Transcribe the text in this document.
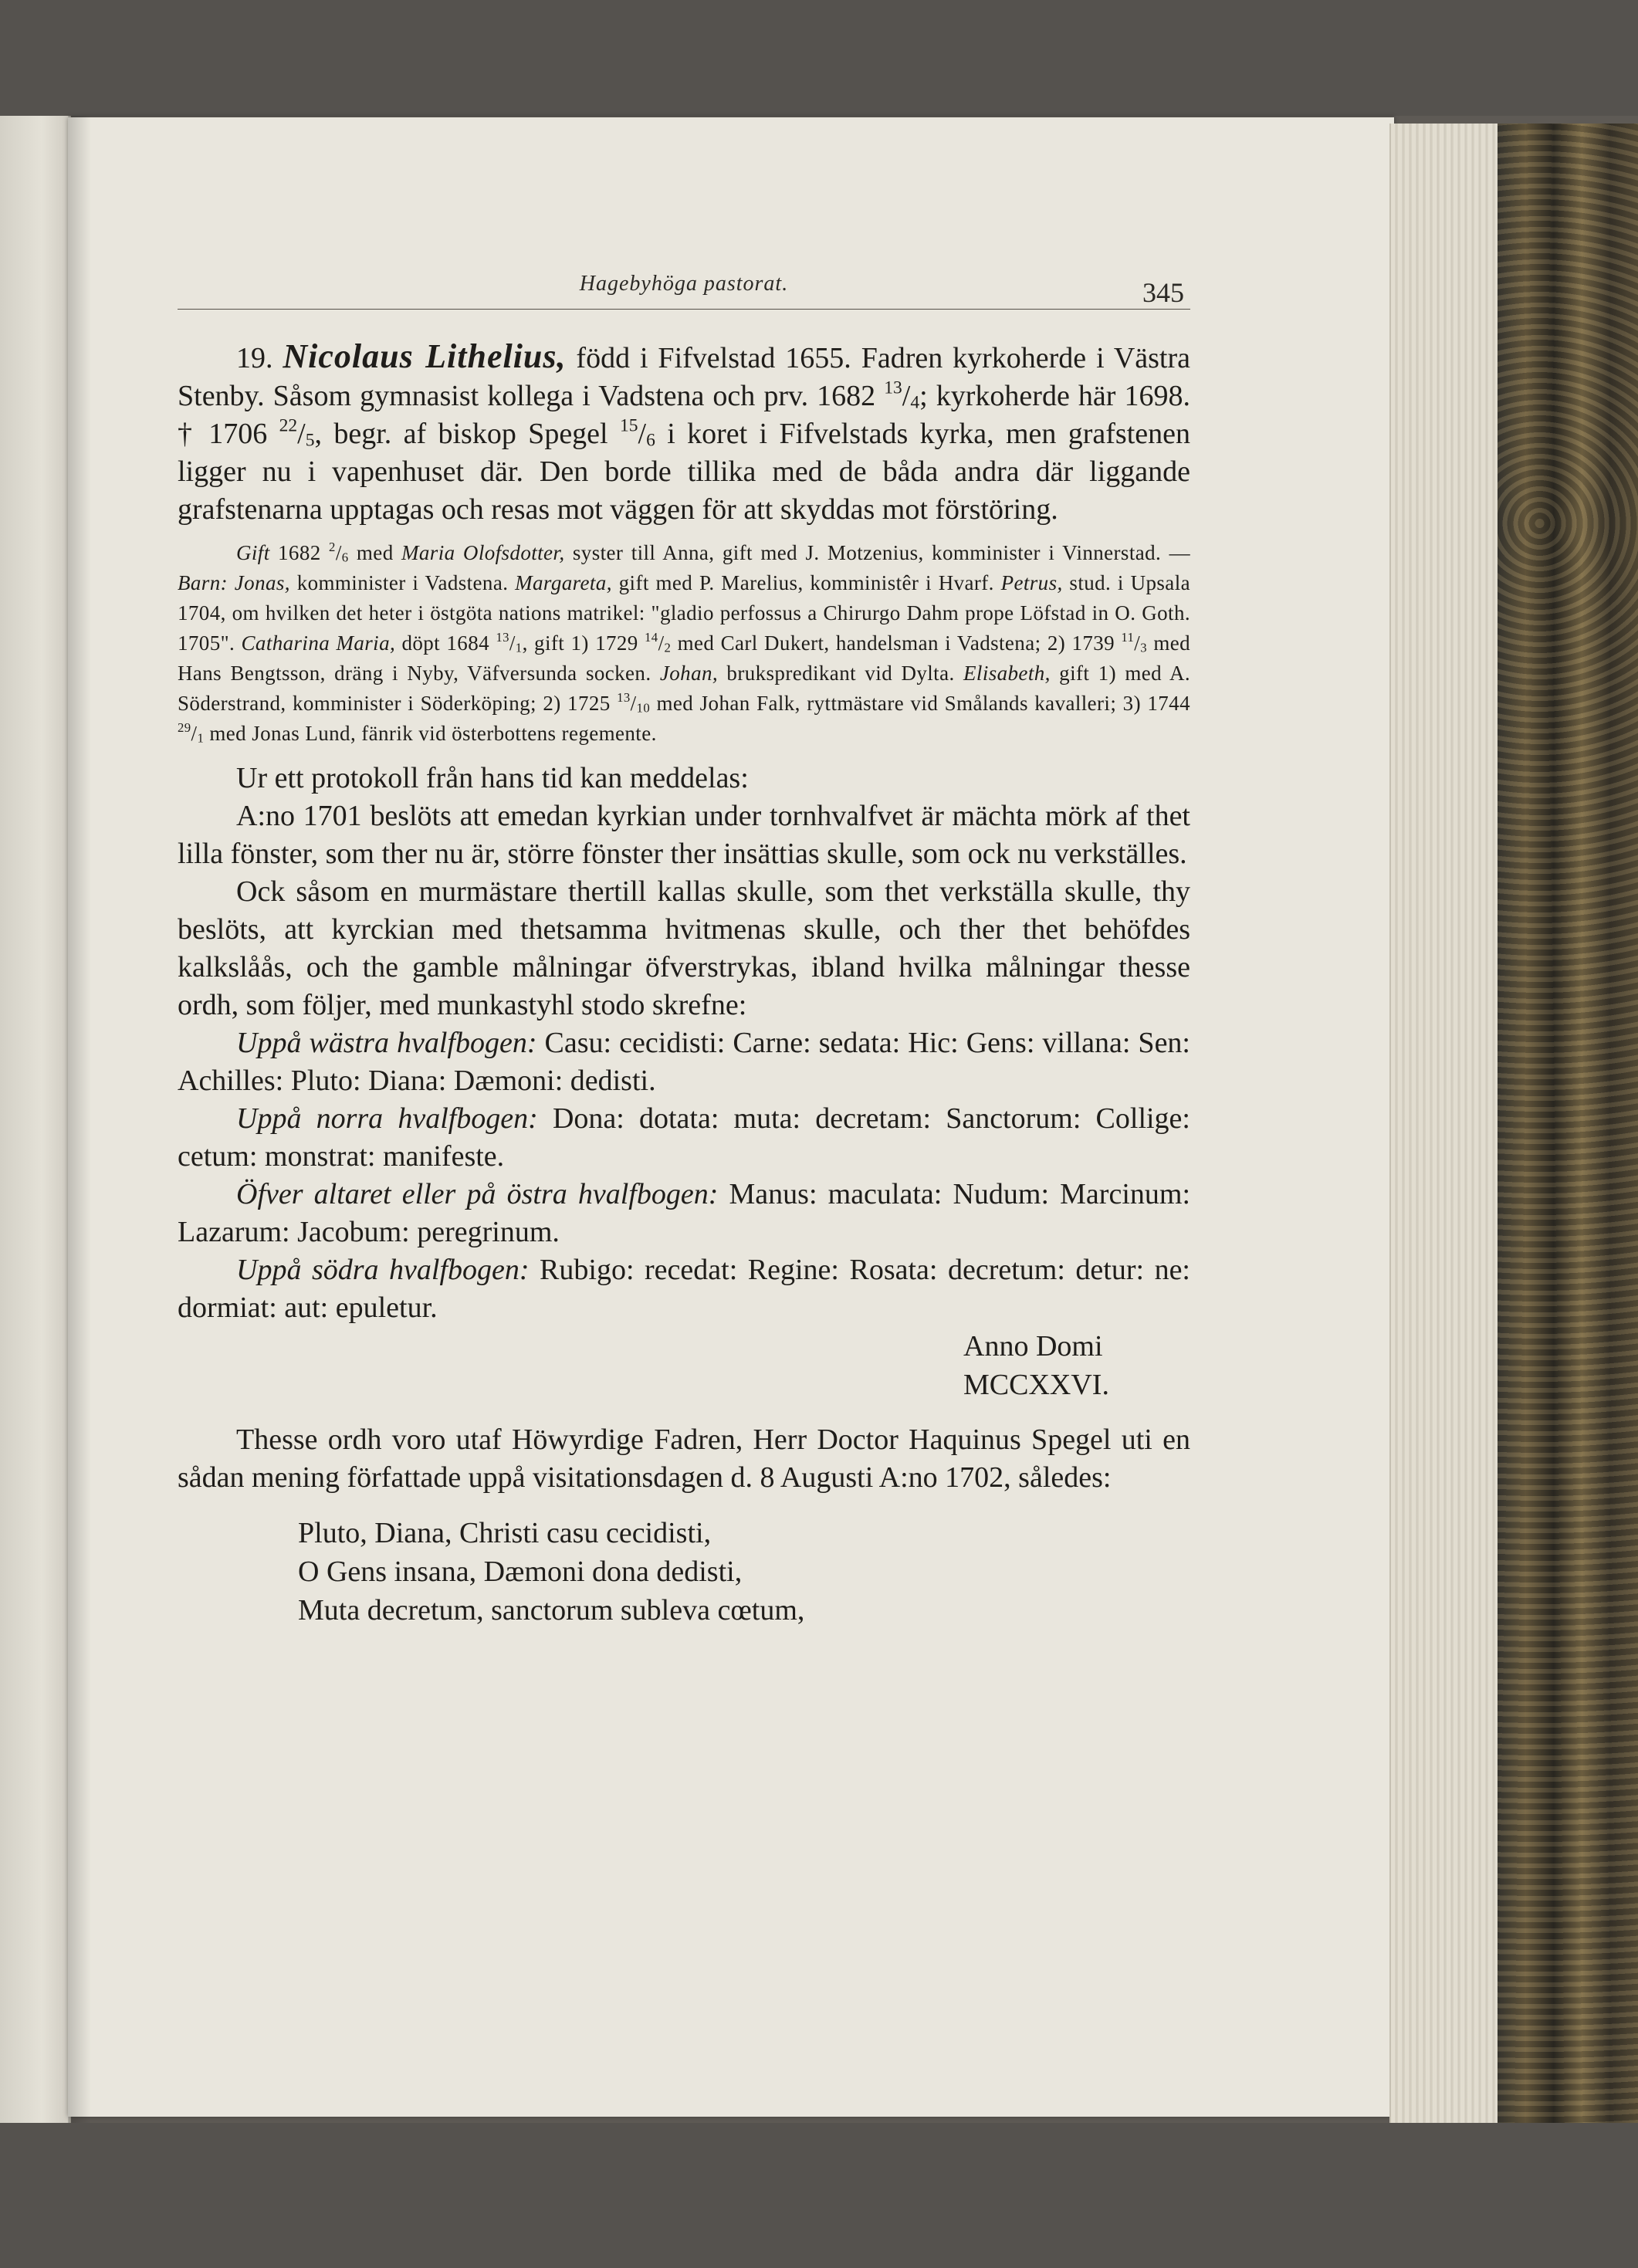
Hagebyhöga pastorat.	345

19. Nicolaus Lithelius, född i Fifvelstad 1655. Fadren kyrkoherde i Västra Stenby. Såsom gymnasist kollega i Vadstena och prv. 1682 $^{13}/_4$; kyrkoherde här 1698. † 1706 $^{22}/_5$, begr. af biskop Spegel $^{15}/_6$ i koret i Fifvelstads kyrka, men grafstenen ligger nu i vapenhuset där. Den borde tillika med de båda andra där liggande grafstenarna upptagas och resas mot väggen för att skyddas mot förstöring.

Gift 1682 $^2/_6$ med Maria Olofsdotter, syster till Anna, gift med J. Motzenius, komminister i Vinnerstad. — Barn: Jonas, komminister i Vadstena. Margareta, gift med P. Marelius, komministêr i Hvarf. Petrus, stud. i Upsala 1704, om hvilken det heter i östgöta nations matrikel: "gladio perfossus a Chirurgo Dahm prope Löfstad in O. Goth. 1705". Catharina Maria, döpt 1684 $^{13}/_1$, gift 1) 1729 $^{14}/_2$ med Carl Dukert, handelsman i Vadstena; 2) 1739 $^{11}/_3$ med Hans Bengtsson, dräng i Nyby, Väfversunda socken. Johan, brukspredikant vid Dylta. Elisabeth, gift 1) med A. Söderstrand, komminister i Söderköping; 2) 1725 $^{13}/_{10}$ med Johan Falk, ryttmästare vid Smålands kavalleri; 3) 1744 $^{29}/_1$ med Jonas Lund, fänrik vid österbottens regemente.

Ur ett protokoll från hans tid kan meddelas:

A:no 1701 beslöts att emedan kyrkian under tornhvalfvet är mächta mörk af thet lilla fönster, som ther nu är, större fönster ther insättias skulle, som ock nu verkställes.

Ock såsom en murmästare thertill kallas skulle, som thet verkställa skulle, thy beslöts, att kyrckian med thetsamma hvitmenas skulle, och ther thet behöfdes kalkslåås, och the gamble målningar öfverstrykas, ibland hvilka målningar thesse ordh, som följer, med munkastyhl stodo skrefne:

Uppå wästra hvalfbogen: Casu: cecidisti: Carne: sedata: Hic: Gens: villana: Sen: Achilles: Pluto: Diana: Dæmoni: dedisti.

Uppå norra hvalfbogen: Dona: dotata: muta: decretam: Sanctorum: Collige: cetum: monstrat: manifeste.

Öfver altaret eller på östra hvalfbogen: Manus: maculata: Nudum: Marcinum: Lazarum: Jacobum: peregrinum.

Uppå södra hvalfbogen: Rubigo: recedat: Regine: Rosata: decretum: detur: ne: dormiat: aut: epuletur.

Anno Domi
MCCXXVI.

Thesse ordh voro utaf Höwyrdige Fadren, Herr Doctor Haquinus Spegel uti en sådan mening författade uppå visitationsdagen d. 8 Augusti A:no 1702, således:

Pluto, Diana, Christi casu cecidisti,
O Gens insana, Dæmoni dona dedisti,
Muta decretum, sanctorum subleva cœtum,
